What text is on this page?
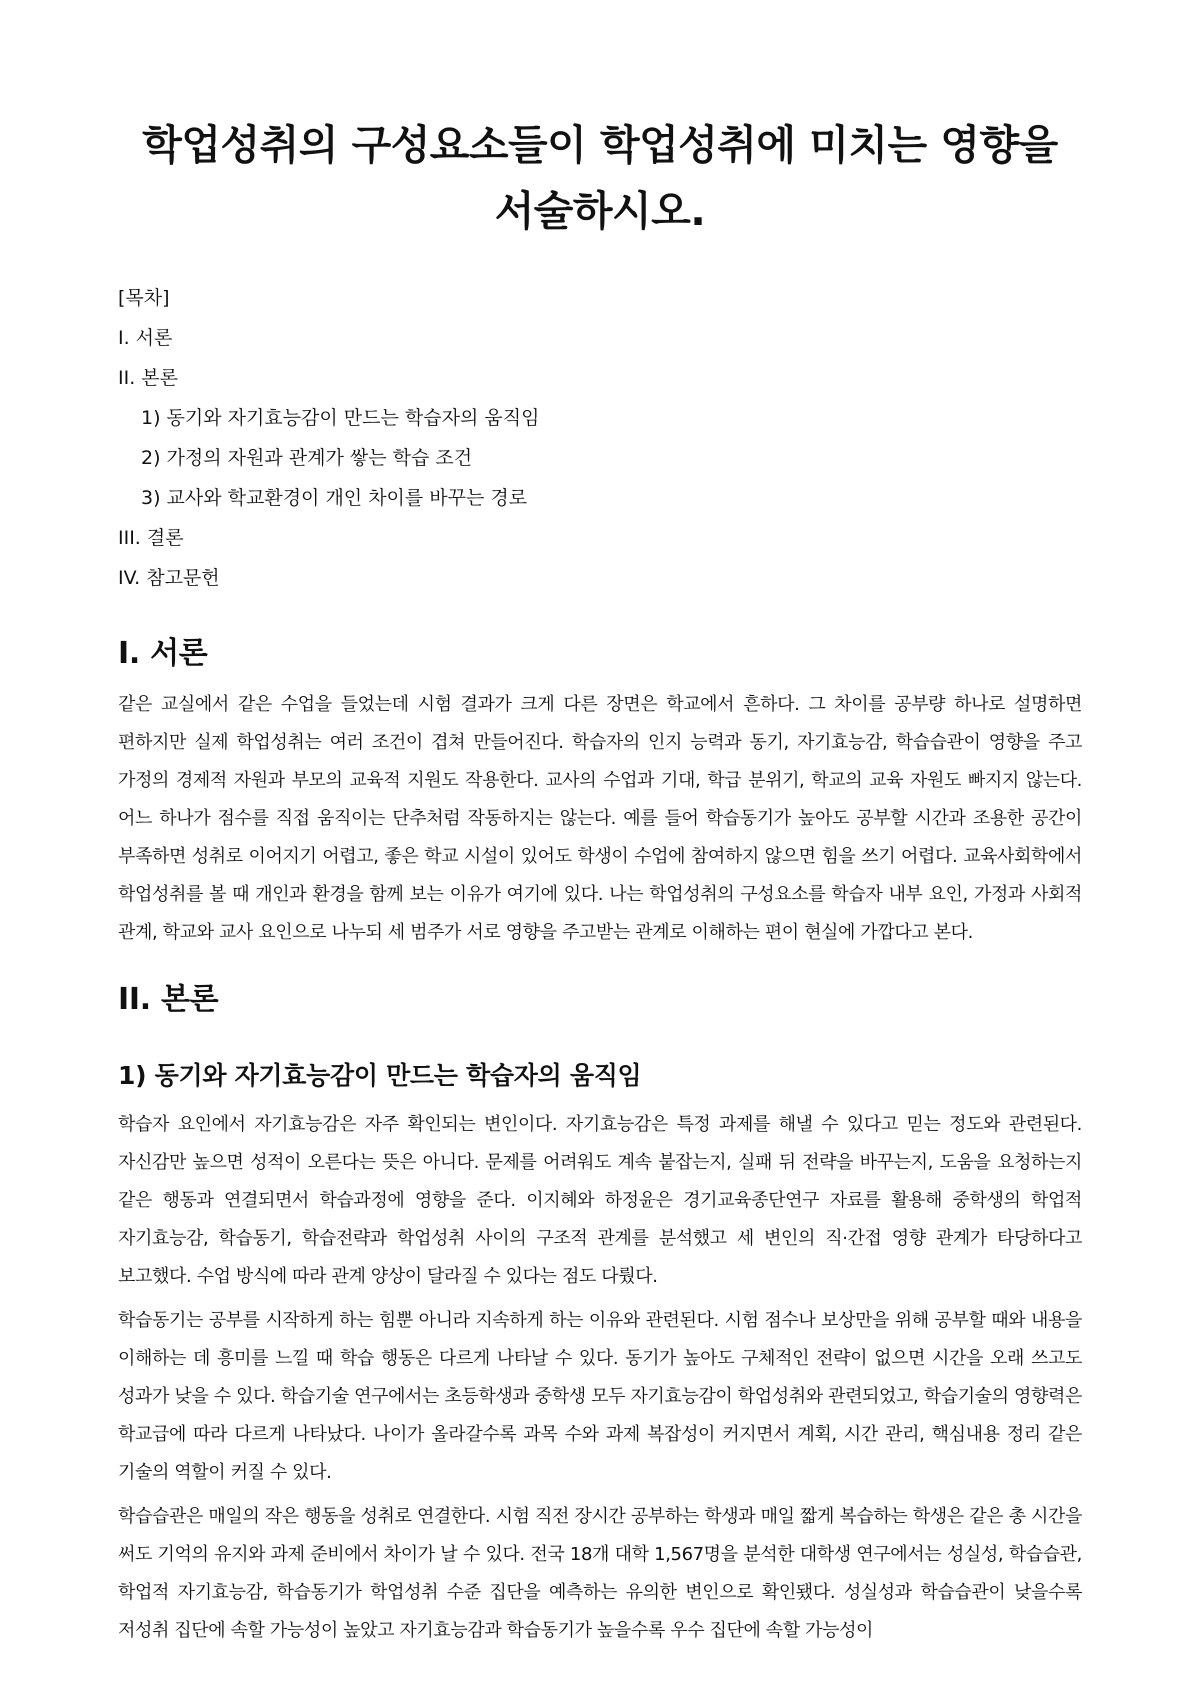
학업성취의 구성요소들이 학업성취에 미치는 영향을 서술하시오.
[목차]
I. 서론
II. 본론
1) 동기와 자기효능감이 만드는 학습자의 움직임
2) 가정의 자원과 관계가 쌓는 학습 조건
3) 교사와 학교환경이 개인 차이를 바꾸는 경로
III. 결론
IV. 참고문헌
I. 서론

같은 교실에서 같은 수업을 들었는데 시험 결과가 크게 다른 장면은 학교에서 흔하다. 그 차이를 공부량 하나로 설명하면 편하지만 실제 학업성취는 여러 조건이 겹쳐 만들어진다. 학습자의 인지 능력과 동기, 자기효능감, 학습습관이 영향을 주고 가정의 경제적 자원과 부모의 교육적 지원도 작용한다. 교사의 수업과 기대, 학급 분위기, 학교의 교육 자원도 빠지지 않는다. 어느 하나가 점수를 직접 움직이는 단추처럼 작동하지는 않는다. 예를 들어 학습동기가 높아도 공부할 시간과 조용한 공간이 부족하면 성취로 이어지기 어렵고, 좋은 학교 시설이 있어도 학생이 수업에 참여하지 않으면 힘을 쓰기 어렵다. 교육사회학에서 학업성취를 볼 때 개인과 환경을 함께 보는 이유가 여기에 있다. 나는 학업성취의 구성요소를 학습자 내부 요인, 가정과 사회적 관계, 학교와 교사 요인으로 나누되 세 범주가 서로 영향을 주고받는 관계로 이해하는 편이 현실에 가깝다고 본다.

II. 본론
1) 동기와 자기효능감이 만드는 학습자의 움직임

학습자 요인에서 자기효능감은 자주 확인되는 변인이다. 자기효능감은 특정 과제를 해낼 수 있다고 믿는 정도와 관련된다. 자신감만 높으면 성적이 오른다는 뜻은 아니다. 문제를 어려워도 계속 붙잡는지, 실패 뒤 전략을 바꾸는지, 도움을 요청하는지 같은 행동과 연결되면서 학습과정에 영향을 준다. 이지혜와 하정윤은 경기교육종단연구 자료를 활용해 중학생의 학업적 자기효능감, 학습동기, 학습전략과 학업성취 사이의 구조적 관계를 분석했고 세 변인의 직·간접 영향 관계가 타당하다고 보고했다. 수업 방식에 따라 관계 양상이 달라질 수 있다는 점도 다뤘다.

학습동기는 공부를 시작하게 하는 힘뿐 아니라 지속하게 하는 이유와 관련된다. 시험 점수나 보상만을 위해 공부할 때와 내용을 이해하는 데 흥미를 느낄 때 학습 행동은 다르게 나타날 수 있다. 동기가 높아도 구체적인 전략이 없으면 시간을 오래 쓰고도 성과가 낮을 수 있다. 학습기술 연구에서는 초등학생과 중학생 모두 자기효능감이 학업성취와 관련되었고, 학습기술의 영향력은 학교급에 따라 다르게 나타났다. 나이가 올라갈수록 과목 수와 과제 복잡성이 커지면서 계획, 시간 관리, 핵심내용 정리 같은 기술의 역할이 커질 수 있다.

학습습관은 매일의 작은 행동을 성취로 연결한다. 시험 직전 장시간 공부하는 학생과 매일 짧게 복습하는 학생은 같은 총 시간을 써도 기억의 유지와 과제 준비에서 차이가 날 수 있다. 전국 18개 대학 1,567명을 분석한 대학생 연구에서는 성실성, 학습습관, 학업적 자기효능감, 학습동기가 학업성취 수준 집단을 예측하는 유의한 변인으로 확인됐다. 성실성과 학습습관이 낮을수록 저성취 집단에 속할 가능성이 높았고 자기효능감과 학습동기가 높을수록 우수 집단에 속할 가능성이
